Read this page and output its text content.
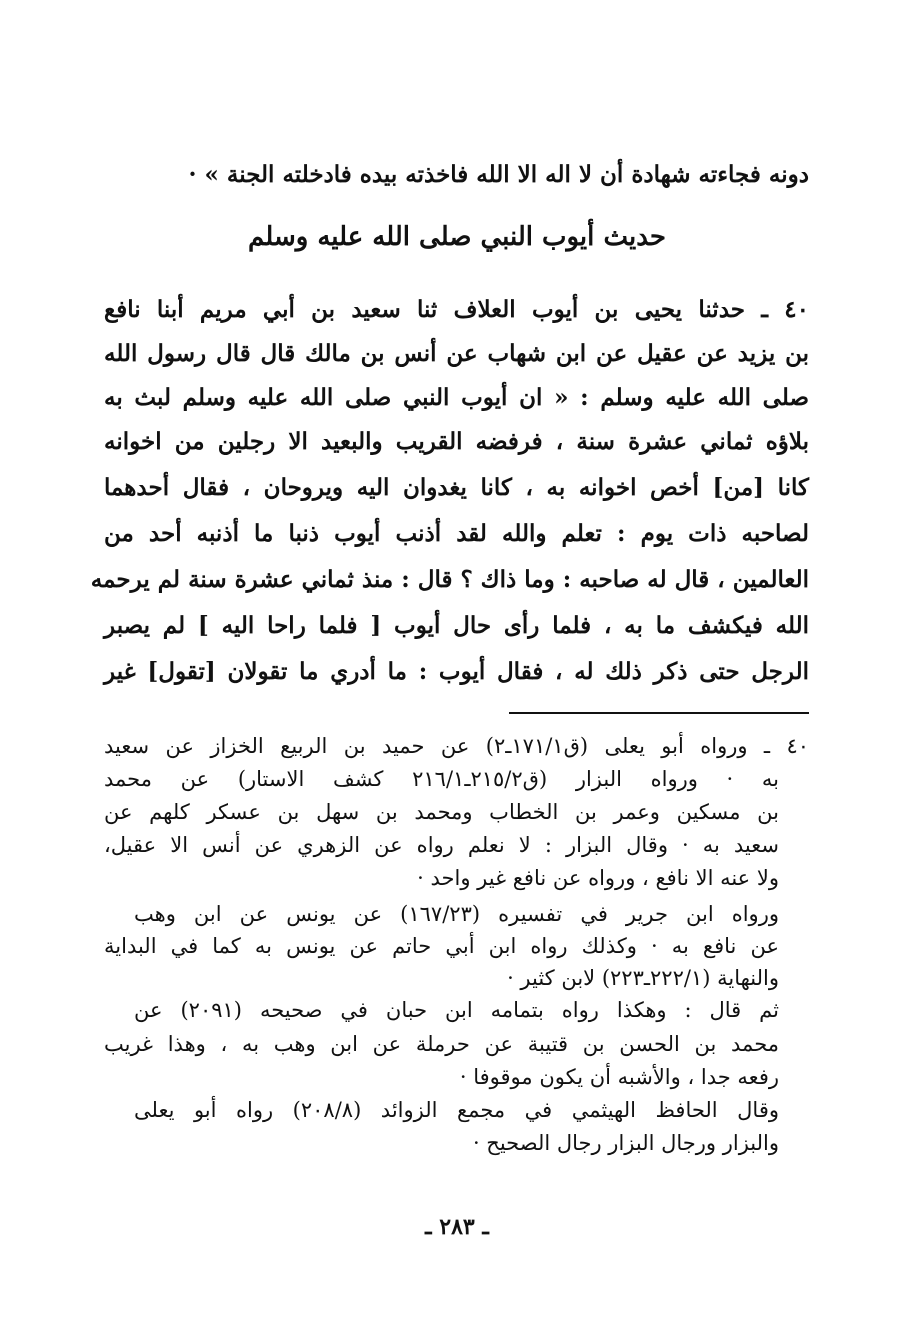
دونه فجاءته شهادة أن لا اله الا الله فاخذته بيده فادخلته الجنة » ·
حديث أيوب النبي صلى الله عليه وسلم
٤٠ ـ حدثنا يحيى بن أيوب العلاف ثنا سعيد بن أبي مريم أبنا نافع
بن يزيد عن عقيل عن ابن شهاب عن أنس بن مالك قال قال رسول الله
صلى الله عليه وسلم : « ان أيوب النبي صلى الله عليه وسلم لبث به
بلاؤه ثماني عشرة سنة ، فرفضه القريب والبعيد الا رجلين من اخوانه
كانا [من] أخص اخوانه به ، كانا يغدوان اليه ويروحان ، فقال أحدهما
لصاحبه ذات يوم : تعلم والله لقد أذنب أيوب ذنبا ما أذنبه أحد من
العالمين ، قال له صاحبه : وما ذاك ؟ قال : منذ ثماني عشرة سنة لم يرحمه
الله فيكشف ما به ، فلما رأى حال أيوب [ فلما راحا اليه ] لم يصبر
الرجل حتى ذكر ذلك له ، فقال أيوب : ما أدري ما تقولان [تقول] غير
٤٠ ـ ورواه أبو يعلى (ق١٧١/١ـ٢) عن حميد بن الربيع الخزاز عن سعيد
به · ورواه البزار (ق٢١٥/٢ـ٢١٦/١ كشف الاستار) عن محمد
بن مسكين وعمر بن الخطاب ومحمد بن سهل بن عسكر كلهم عن
سعيد به · وقال البزار : لا نعلم رواه عن الزهري عن أنس الا عقيل،
ولا عنه الا نافع ، ورواه عن نافع غير واحد ·
ورواه ابن جرير في تفسيره (١٦٧/٢٣) عن يونس عن ابن وهب
عن نافع به · وكذلك رواه ابن أبي حاتم عن يونس به كما في البداية
والنهاية (٢٢٢/١ـ٢٢٣) لابن كثير ·
ثم قال : وهكذا رواه بتمامه ابن حبان في صحيحه (٢٠٩١) عن
محمد بن الحسن بن قتيبة عن حرملة عن ابن وهب به ، وهذا غريب
رفعه جدا ، والأشبه أن يكون موقوفا ·
وقال الحافظ الهيثمي في مجمع الزوائد (٢٠٨/٨) رواه أبو يعلى
والبزار ورجال البزار رجال الصحيح ·
ـ ٢٨٣ ـ
